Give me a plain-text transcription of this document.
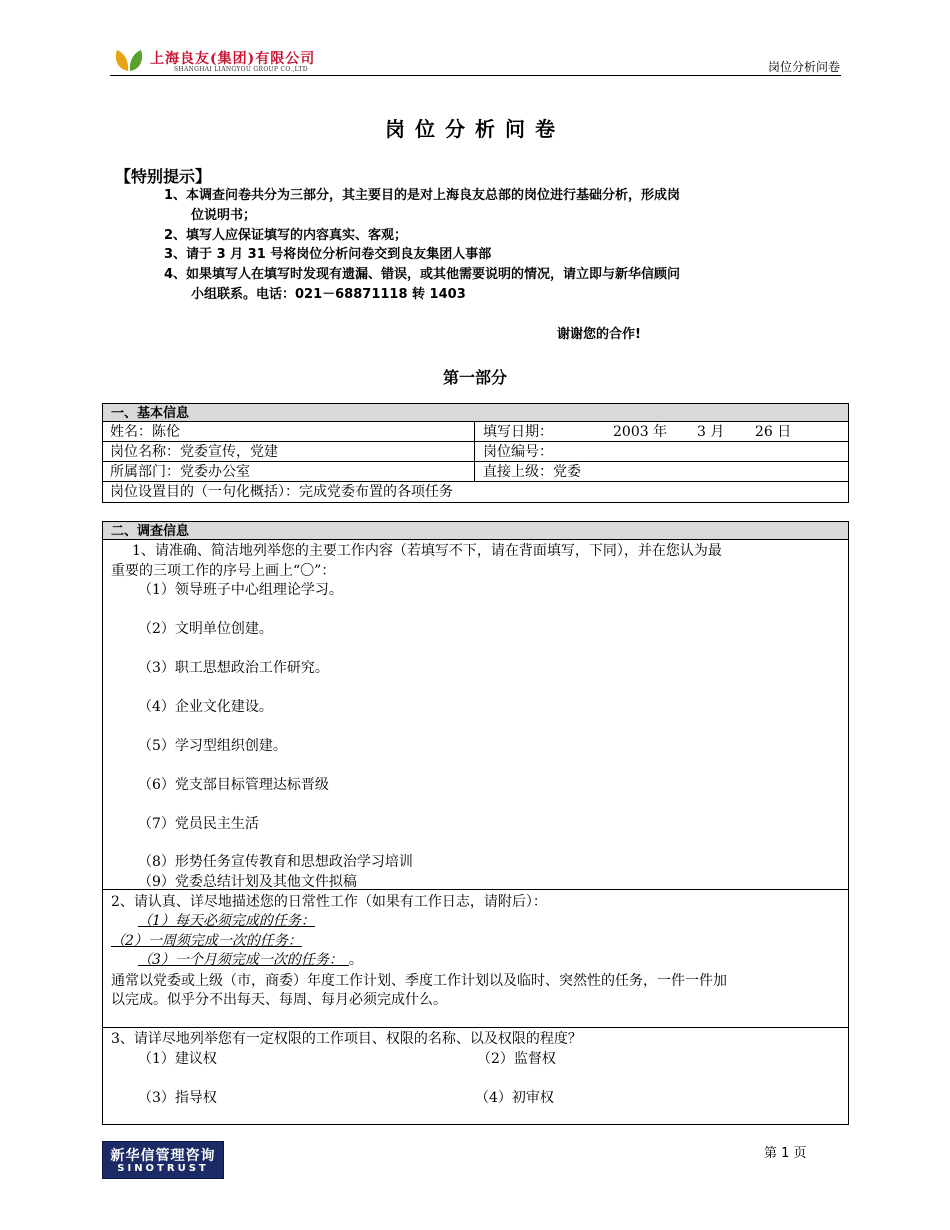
上海良友(集团)有限公司
SHANGHAI LIANGYOU GROUP CO.,LTD	岗位分析问卷
岗位分析问卷
【特别提示】
1、本调查问卷共分为三部分，其主要目的是对上海良友总部的岗位进行基础分析，形成岗
位说明书；
2、填写人应保证填写的内容真实、客观；
3、请于 3 月 31 号将岗位分析问卷交到良友集团人事部
4、如果填写人在填写时发现有遗漏、错误，或其他需要说明的情况，请立即与新华信顾问
小组联系。电话：021－68871118 转 1403
谢谢您的合作!
第一部分
一、基本信息
姓名：陈伦	填写日期：	2003 年 3 月 26 日
岗位名称：党委宣传，党建	岗位编号：
所属部门：党委办公室	直接上级：党委
岗位设置目的（一句化概括）：完成党委布置的各项任务
二、调查信息
1、请准确、简洁地列举您的主要工作内容（若填写不下，请在背面填写，下同），并在您认为最
重要的三项工作的序号上画上“〇”：
（1）领导班子中心组理论学习。
（2）文明单位创建。
（3）职工思想政治工作研究。
（4）企业文化建设。
（5）学习型组织创建。
（6）党支部目标管理达标晋级
（7）党员民主生活
（8）形势任务宣传教育和思想政治学习培训
（9）党委总结计划及其他文件拟稿
2、请认真、详尽地描述您的日常性工作（如果有工作日志，请附后）：
（1）每天必须完成的任务：
（2）一周须完成一次的任务：
（3）一个月须完成一次的任务： 。
通常以党委或上级（市，商委）年度工作计划、季度工作计划以及临时、突然性的任务，一件一件加
以完成。似乎分不出每天、每周、每月必须完成什么。
3、请详尽地列举您有一定权限的工作项目、权限的名称、以及权限的程度？
（1）建议权	（2）监督权
（3）指导权	（4）初审权
新华信管理咨询
SINOTRUST
第 1 页
